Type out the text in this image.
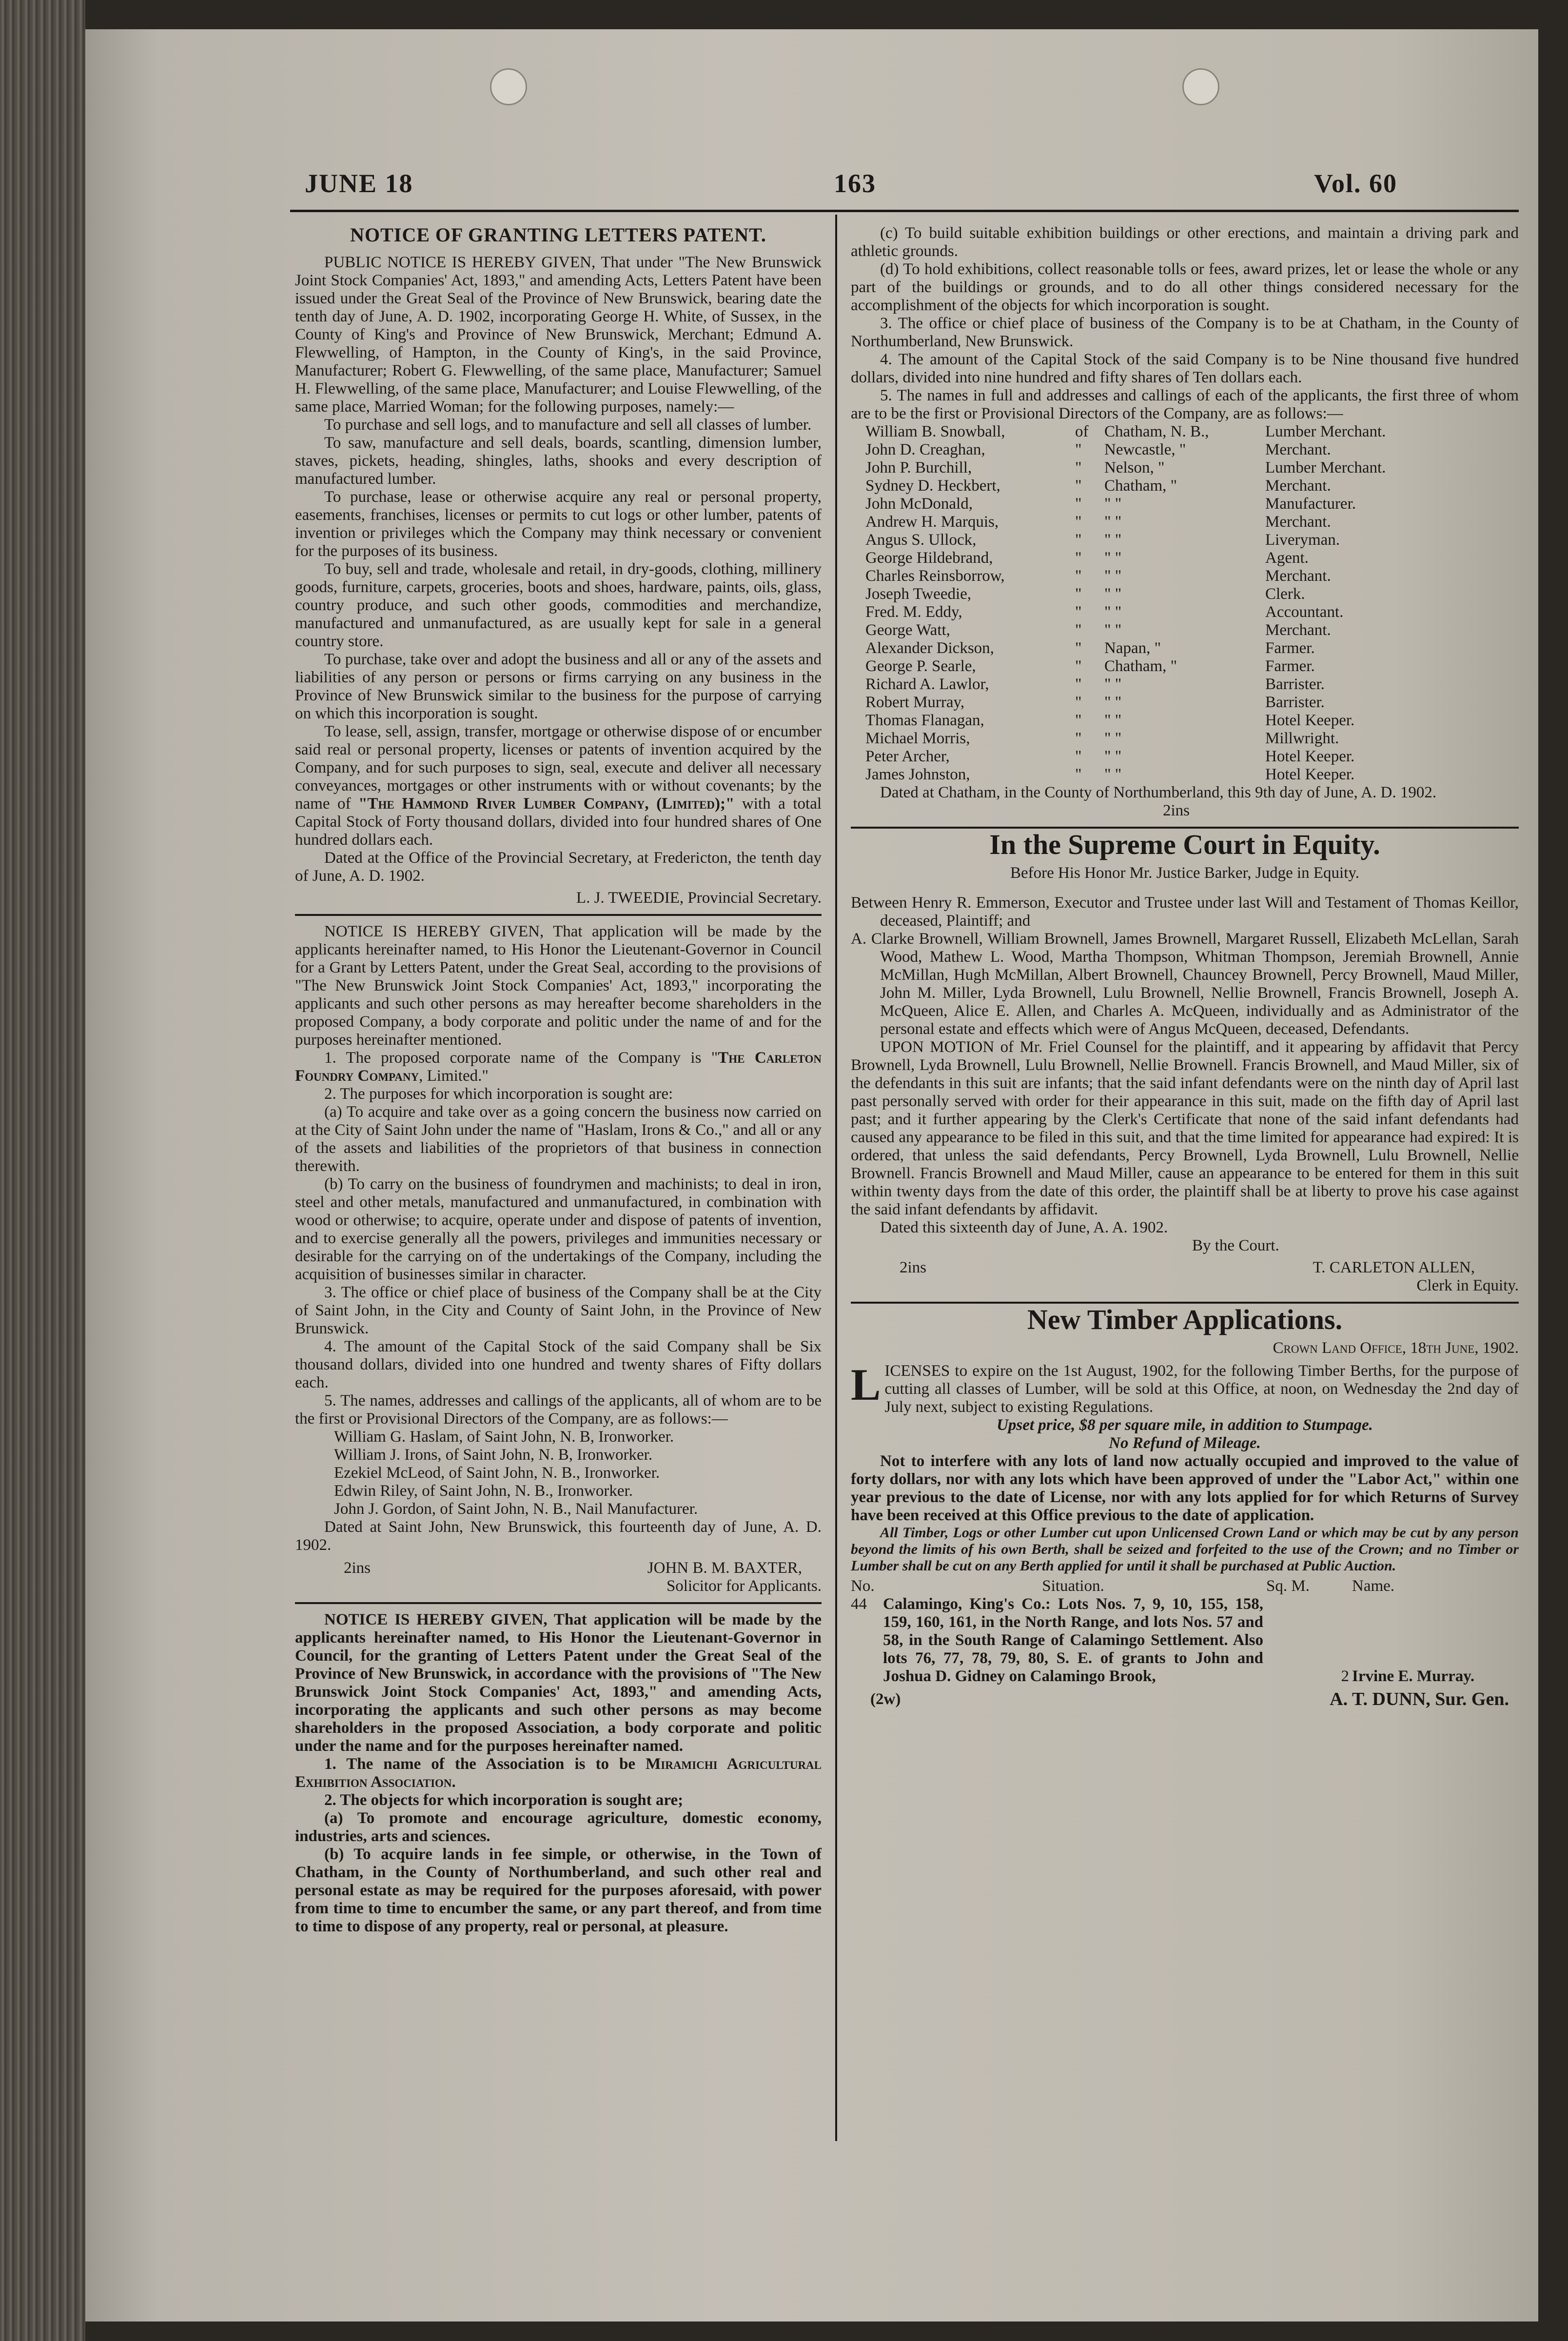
JUNE 18	163	Vol. 60
NOTICE OF GRANTING LETTERS PATENT.

PUBLIC NOTICE IS HEREBY GIVEN, That under "The New Brunswick Joint Stock Companies' Act, 1893," and amending Acts, Letters Patent have been issued under the Great Seal of the Province of New Brunswick, bearing date the tenth day of June, A. D. 1902, incorporating George H. White, of Sussex, in the County of King's and Province of New Brunswick, Merchant; Edmund A. Flewwelling, of Hampton, in the County of King's, in the said Province, Manufacturer; Robert G. Flewwelling, of the same place, Manufacturer; Samuel H. Flewwelling, of the same place, Manufacturer; and Louise Flewwelling, of the same place, Married Woman; for the following purposes, namely:—

To purchase and sell logs, and to manufacture and sell all classes of lumber.

To saw, manufacture and sell deals, boards, scantling, dimension lumber, staves, pickets, heading, shingles, laths, shooks and every description of manufactured lumber.

To purchase, lease or otherwise acquire any real or personal property, easements, franchises, licenses or permits to cut logs or other lumber, patents of invention or privileges which the Company may think necessary or convenient for the purposes of its business.

To buy, sell and trade, wholesale and retail, in dry-goods, clothing, millinery goods, furniture, carpets, groceries, boots and shoes, hardware, paints, oils, glass, country produce, and such other goods, commodities and merchandize, manufactured and unmanufactured, as are usually kept for sale in a general country store.

To purchase, take over and adopt the business and all or any of the assets and liabilities of any person or persons or firms carrying on any business in the Province of New Brunswick similar to the business for the purpose of carrying on which this incorporation is sought.

To lease, sell, assign, transfer, mortgage or otherwise dispose of or encumber said real or personal property, licenses or patents of invention acquired by the Company, and for such purposes to sign, seal, execute and deliver all necessary conveyances, mortgages or other instruments with or without covenants; by the name of "The Hammond River Lumber Company, (Limited);" with a total Capital Stock of Forty thousand dollars, divided into four hundred shares of One hundred dollars each.

Dated at the Office of the Provincial Secretary, at Fredericton, the tenth day of June, A. D. 1902.

L. J. TWEEDIE, Provincial Secretary.

NOTICE IS HEREBY GIVEN, That application will be made by the applicants hereinafter named, to His Honor the Lieutenant-Governor in Council for a Grant by Letters Patent, under the Great Seal, according to the provisions of "The New Brunswick Joint Stock Companies' Act, 1893," incorporating the applicants and such other persons as may hereafter become shareholders in the proposed Company, a body corporate and politic under the name of and for the purposes hereinafter mentioned.

1. The proposed corporate name of the Company is "The Carleton Foundry Company, Limited."

2. The purposes for which incorporation is sought are:

(a) To acquire and take over as a going concern the business now carried on at the City of Saint John under the name of "Haslam, Irons & Co.," and all or any of the assets and liabilities of the proprietors of that business in connection therewith.

(b) To carry on the business of foundrymen and machinists; to deal in iron, steel and other metals, manufactured and unmanufactured, in combination with wood or otherwise; to acquire, operate under and dispose of patents of invention, and to exercise generally all the powers, privileges and immunities necessary or desirable for the carrying on of the undertakings of the Company, including the acquisition of businesses similar in character.

3. The office or chief place of business of the Company shall be at the City of Saint John, in the City and County of Saint John, in the Province of New Brunswick.

4. The amount of the Capital Stock of the said Company shall be Six thousand dollars, divided into one hundred and twenty shares of Fifty dollars each.

5. The names, addresses and callings of the applicants, all of whom are to be the first or Provisional Directors of the Company, are as follows:—

William G. Haslam, of Saint John, N. B, Ironworker.

William J. Irons, of Saint John, N. B, Ironworker.

Ezekiel McLeod, of Saint John, N. B., Ironworker.

Edwin Riley, of Saint John, N. B., Ironworker.

John J. Gordon, of Saint John, N. B., Nail Manufacturer.

Dated at Saint John, New Brunswick, this fourteenth day of June, A. D. 1902.

2ins	JOHN B. M. BAXTER,

Solicitor for Applicants.

NOTICE IS HEREBY GIVEN, That application will be made by the applicants hereinafter named, to His Honor the Lieutenant-Governor in Council, for the granting of Letters Patent under the Great Seal of the Province of New Brunswick, in accordance with the provisions of "The New Brunswick Joint Stock Companies' Act, 1893," and amending Acts, incorporating the applicants and such other persons as may become shareholders in the proposed Association, a body corporate and politic under the name and for the purposes hereinafter named.

1. The name of the Association is to be Miramichi Agricultural Exhibition Association.

2. The objects for which incorporation is sought are;

(a) To promote and encourage agriculture, domestic economy, industries, arts and sciences.

(b) To acquire lands in fee simple, or otherwise, in the Town of Chatham, in the County of Northumberland, and such other real and personal estate as may be required for the purposes aforesaid, with power from time to time to encumber the same, or any part thereof, and from time to time to dispose of any property, real or personal, at pleasure.

(c) To build suitable exhibition buildings or other erections, and maintain a driving park and athletic grounds.

(d) To hold exhibitions, collect reasonable tolls or fees, award prizes, let or lease the whole or any part of the buildings or grounds, and to do all other things considered necessary for the accomplishment of the objects for which incorporation is sought.

3. The office or chief place of business of the Company is to be at Chatham, in the County of Northumberland, New Brunswick.

4. The amount of the Capital Stock of the said Company is to be Nine thousand five hundred dollars, divided into nine hundred and fifty shares of Ten dollars each.

5. The names in full and addresses and callings of each of the applicants, the first three of whom are to be the first or Provisional Directors of the Company, are as follows:—

William B. Snowball,	of	Chatham, N. B.,	Lumber Merchant.
John D. Creaghan,	"	Newcastle, "	Merchant.
John P. Burchill,	"	Nelson, "	Lumber Merchant.
Sydney D. Heckbert,	"	Chatham, "	Merchant.
John McDonald,	"	" "	Manufacturer.
Andrew H. Marquis,	"	" "	Merchant.
Angus S. Ullock,	"	" "	Liveryman.
George Hildebrand,	"	" "	Agent.
Charles Reinsborrow,	"	" "	Merchant.
Joseph Tweedie,	"	" "	Clerk.
Fred. M. Eddy,	"	" "	Accountant.
George Watt,	"	" "	Merchant.
Alexander Dickson,	"	Napan, "	Farmer.
George P. Searle,	"	Chatham, "	Farmer.
Richard A. Lawlor,	"	" "	Barrister.
Robert Murray,	"	" "	Barrister.
Thomas Flanagan,	"	" "	Hotel Keeper.
Michael Morris,	"	" "	Millwright.
Peter Archer,	"	" "	Hotel Keeper.
James Johnston,	"	" "	Hotel Keeper.

Dated at Chatham, in the County of Northumberland, this 9th day of June, A. D. 1902.

2ins

In the Supreme Court in Equity.

Before His Honor Mr. Justice Barker, Judge in Equity.

Between Henry R. Emmerson, Executor and Trustee under last Will and Testament of Thomas Keillor, deceased, Plaintiff; and

A. Clarke Brownell, William Brownell, James Brownell, Margaret Russell, Elizabeth McLellan, Sarah Wood, Mathew L. Wood, Martha Thompson, Whitman Thompson, Jeremiah Brownell, Annie McMillan, Hugh McMillan, Albert Brownell, Chauncey Brownell, Percy Brownell, Maud Miller, John M. Miller, Lyda Brownell, Lulu Brownell, Nellie Brownell, Francis Brownell, Joseph A. McQueen, Alice E. Allen, and Charles A. McQueen, individually and as Administrator of the personal estate and effects which were of Angus McQueen, deceased, Defendants.

UPON MOTION of Mr. Friel Counsel for the plaintiff, and it appearing by affidavit that Percy Brownell, Lyda Brownell, Lulu Brownell, Nellie Brownell. Francis Brownell, and Maud Miller, six of the defendants in this suit are infants; that the said infant defendants were on the ninth day of April last past personally served with order for their appearance in this suit, made on the fifth day of April last past; and it further appearing by the Clerk's Certificate that none of the said infant defendants had caused any appearance to be filed in this suit, and that the time limited for appearance had expired: It is ordered, that unless the said defendants, Percy Brownell, Lyda Brownell, Lulu Brownell, Nellie Brownell. Francis Brownell and Maud Miller, cause an appearance to be entered for them in this suit within twenty days from the date of this order, the plaintiff shall be at liberty to prove his case against the said infant defendants by affidavit.

Dated this sixteenth day of June, A. A. 1902.

By the Court.

2ins	T. CARLETON ALLEN,

Clerk in Equity.

New Timber Applications.

Crown Land Office, 18th June, 1902.

LICENSES to expire on the 1st August, 1902, for the following Timber Berths, for the purpose of cutting all classes of Lumber, will be sold at this Office, at noon, on Wednesday the 2nd day of July next, subject to existing Regulations.

Upset price, $8 per square mile, in addition to Stumpage.

No Refund of Mileage.

Not to interfere with any lots of land now actually occupied and improved to the value of forty dollars, nor with any lots which have been approved of under the "Labor Act," within one year previous to the date of License, nor with any lots applied for for which Returns of Survey have been received at this Office previous to the date of application.

All Timber, Logs or other Lumber cut upon Unlicensed Crown Land or which may be cut by any person beyond the limits of his own Berth, shall be seized and forfeited to the use of the Crown; and no Timber or Lumber shall be cut on any Berth applied for until it shall be purchased at Public Auction.

No.	Situation.	Sq. M.	Name.
44	Calamingo, King's Co.: Lots Nos. 7, 9, 10, 155, 158, 159, 160, 161, in the North Range, and lots Nos. 57 and 58, in the South Range of Calamingo Settlement. Also lots 76, 77, 78, 79, 80, S. E. of grants to John and Joshua D. Gidney on Calamingo Brook,	2	Irvine E. Murray.
(2w)	A. T. DUNN, Sur. Gen.
